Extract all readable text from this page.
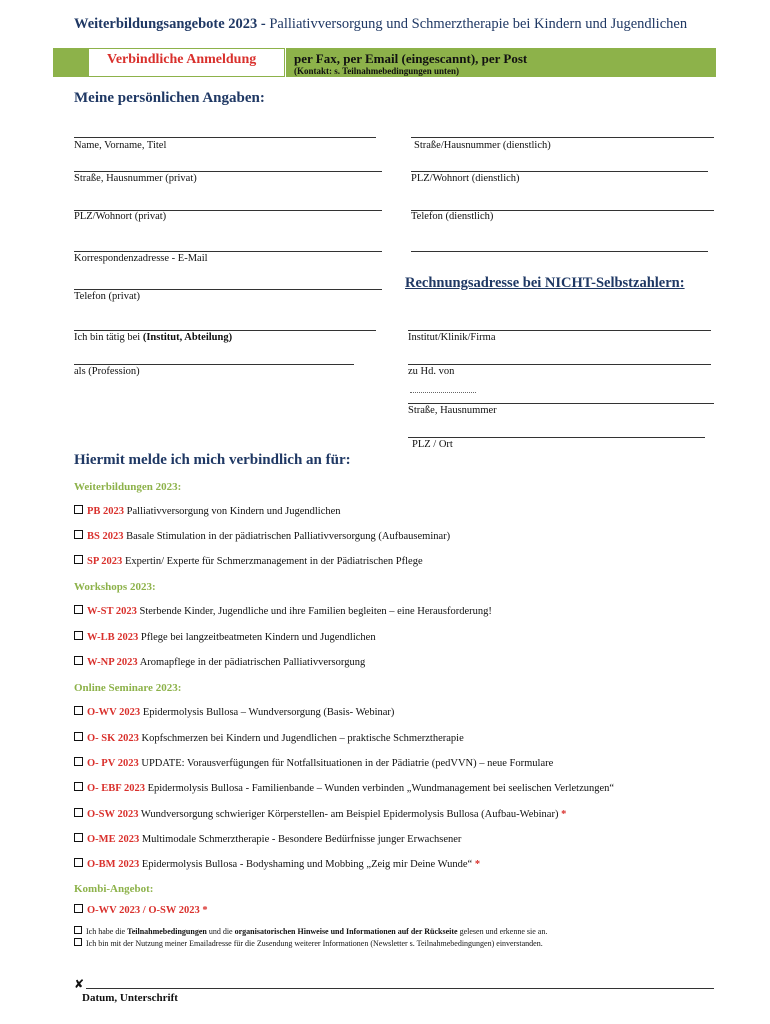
Weiterbildungsangebote 2023 - Palliativversorgung und Schmerztherapie bei Kindern und Jugendlichen
Verbindliche Anmeldung	per Fax, per Email (eingescannt), per Post
(Kontakt: s. Teilnahmebedingungen unten)
Meine persönlichen Angaben:
Name, Vorname, Titel
Straße, Hausnummer (privat)
PLZ/Wohnort (privat)
Korrespondenzadresse - E-Mail
Telefon (privat)
Ich bin tätig bei (Institut, Abteilung)
als (Profession)
Straße/Hausnummer (dienstlich)
PLZ/Wohnort (dienstlich)
Telefon (dienstlich)
Rechnungsadresse bei NICHT-Selbstzahlern:
Institut/Klinik/Firma
zu Hd. von
Straße, Hausnummer
PLZ / Ort
Hiermit melde ich mich verbindlich an für:
Weiterbildungen 2023:
PB 2023 Palliativversorgung von Kindern und Jugendlichen
BS 2023 Basale Stimulation in der pädiatrischen Palliativversorgung (Aufbauseminar)
SP 2023 Expertin/ Experte für Schmerzmanagement in der Pädiatrischen Pflege
Workshops 2023:
W-ST 2023 Sterbende Kinder, Jugendliche und ihre Familien begleiten – eine Herausforderung!
W-LB 2023 Pflege bei langzeitbeatmeten Kindern und Jugendlichen
W-NP 2023 Aromapflege in der pädiatrischen Palliativversorgung
Online Seminare 2023:
O-WV 2023 Epidermolysis Bullosa – Wundversorgung (Basis- Webinar)
O- SK 2023 Kopfschmerzen bei Kindern und Jugendlichen – praktische Schmerztherapie
O- PV 2023 UPDATE: Vorausverfügungen für Notfallsituationen in der Pädiatrie (pedVVN) – neue Formulare
O- EBF 2023 Epidermolysis Bullosa - Familienbande – Wunden verbinden „Wundmanagement bei seelischen Verletzungen“
O-SW 2023 Wundversorgung schwieriger Körperstellen- am Beispiel Epidermolysis Bullosa (Aufbau-Webinar) *
O-ME 2023 Multimodale Schmerztherapie - Besondere Bedürfnisse junger Erwachsener
O-BM 2023 Epidermolysis Bullosa - Bodyshaming und Mobbing „Zeig mir Deine Wunde“ *
Kombi-Angebot:
O-WV 2023 / O-SW 2023 *
Ich habe die Teilnahmebedingungen und die organisatorischen Hinweise und Informationen auf der Rückseite gelesen und erkenne sie an.
Ich bin mit der Nutzung meiner Emailadresse für die Zusendung weiterer Informationen (Newsletter s. Teilnahmebedingungen) einverstanden.
✘
Datum, Unterschrift
